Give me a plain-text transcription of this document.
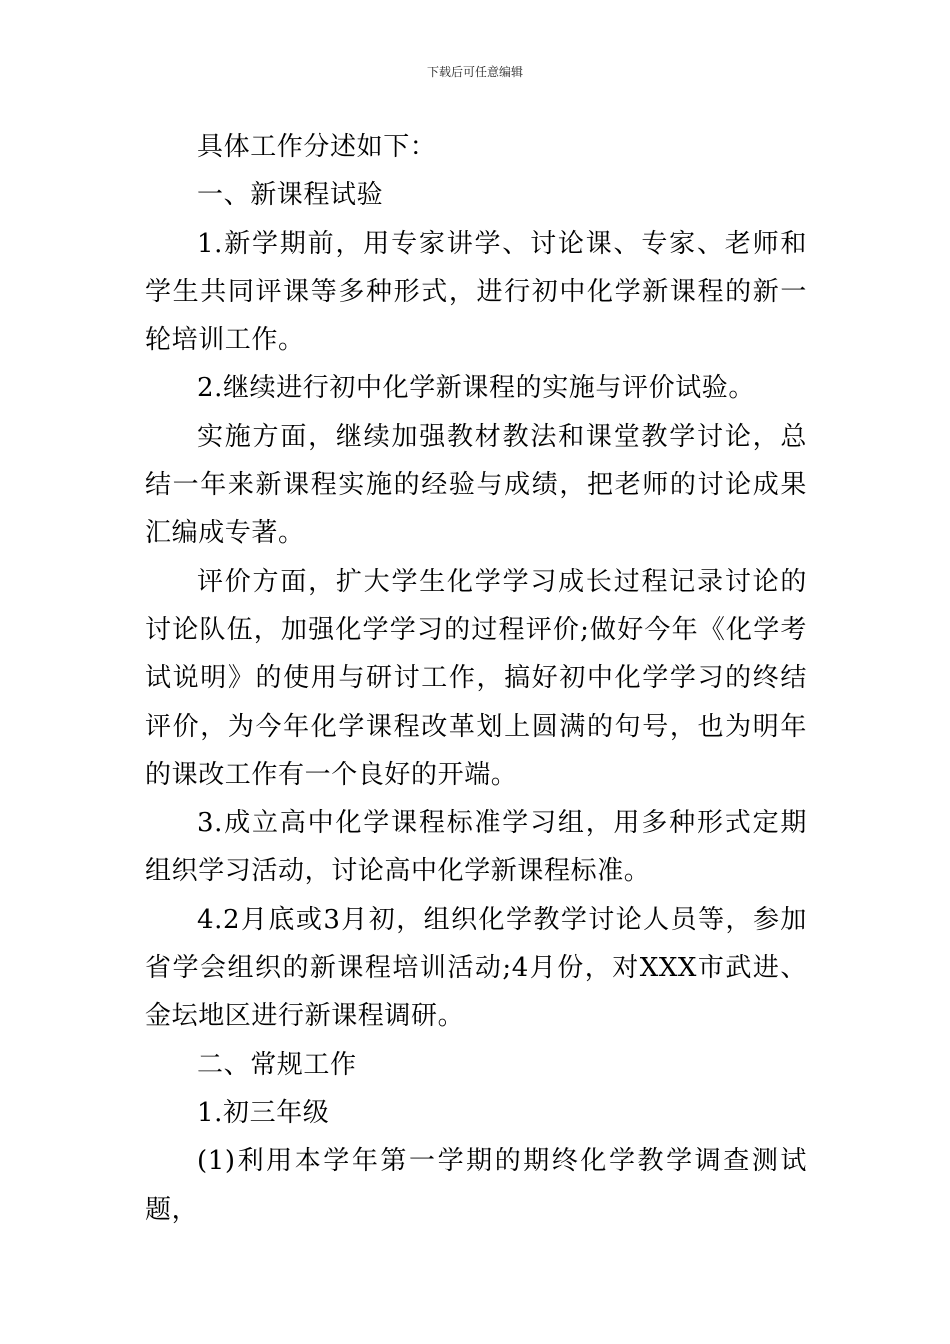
下载后可任意编辑

具体工作分述如下：

一、新课程试验

1.新学期前，用专家讲学、讨论课、专家、老师和学生共同评课等多种形式，进行初中化学新课程的新一轮培训工作。

2.继续进行初中化学新课程的实施与评价试验。

实施方面，继续加强教材教法和课堂教学讨论，总结一年来新课程实施的经验与成绩，把老师的讨论成果汇编成专著。

评价方面，扩大学生化学学习成长过程记录讨论的讨论队伍，加强化学学习的过程评价;做好今年《化学考试说明》的使用与研讨工作，搞好初中化学学习的终结评价，为今年化学课程改革划上圆满的句号，也为明年的课改工作有一个良好的开端。

3.成立高中化学课程标准学习组，用多种形式定期组织学习活动，讨论高中化学新课程标准。

4.2月底或3月初，组织化学教学讨论人员等，参加省学会组织的新课程培训活动;4月份，对XXX市武进、金坛地区进行新课程调研。

二、常规工作

1.初三年级

(1)利用本学年第一学期的期终化学教学调查测试题，
